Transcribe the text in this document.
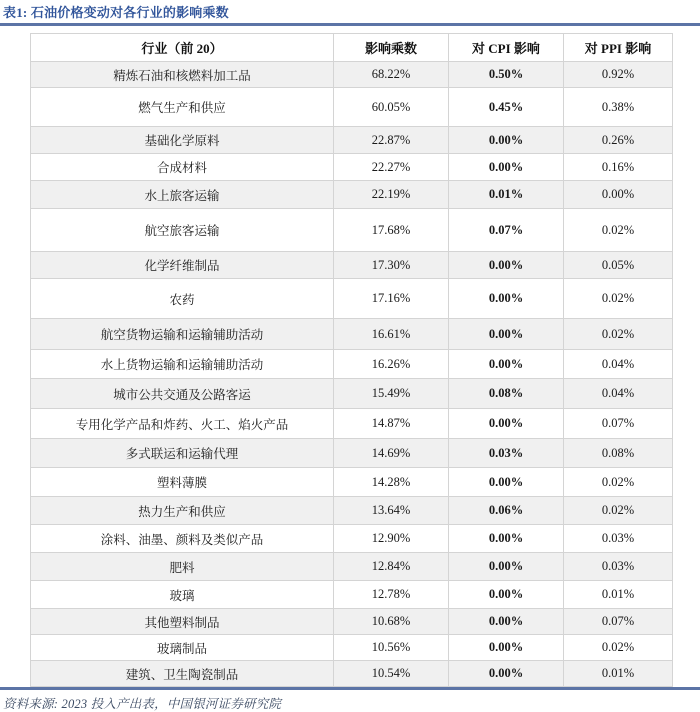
表1: 石油价格变动对各行业的影响乘数
行业（前 20）	影响乘数	对 CPI 影响	对 PPI 影响
精炼石油和核燃料加工品	68.22%	0.50%	0.92%
燃气生产和供应	60.05%	0.45%	0.38%
基础化学原料	22.87%	0.00%	0.26%
合成材料	22.27%	0.00%	0.16%
水上旅客运输	22.19%	0.01%	0.00%
航空旅客运输	17.68%	0.07%	0.02%
化学纤维制品	17.30%	0.00%	0.05%
农药	17.16%	0.00%	0.02%
航空货物运输和运输辅助活动	16.61%	0.00%	0.02%
水上货物运输和运输辅助活动	16.26%	0.00%	0.04%
城市公共交通及公路客运	15.49%	0.08%	0.04%
专用化学产品和炸药、火工、焰火产品	14.87%	0.00%	0.07%
多式联运和运输代理	14.69%	0.03%	0.08%
塑料薄膜	14.28%	0.00%	0.02%
热力生产和供应	13.64%	0.06%	0.02%
涂料、油墨、颜料及类似产品	12.90%	0.00%	0.03%
肥料	12.84%	0.00%	0.03%
玻璃	12.78%	0.00%	0.01%
其他塑料制品	10.68%	0.00%	0.07%
玻璃制品	10.56%	0.00%	0.02%
建筑、卫生陶瓷制品	10.54%	0.00%	0.01%
资料来源: 2023 投入产出表，中国银河证券研究院
